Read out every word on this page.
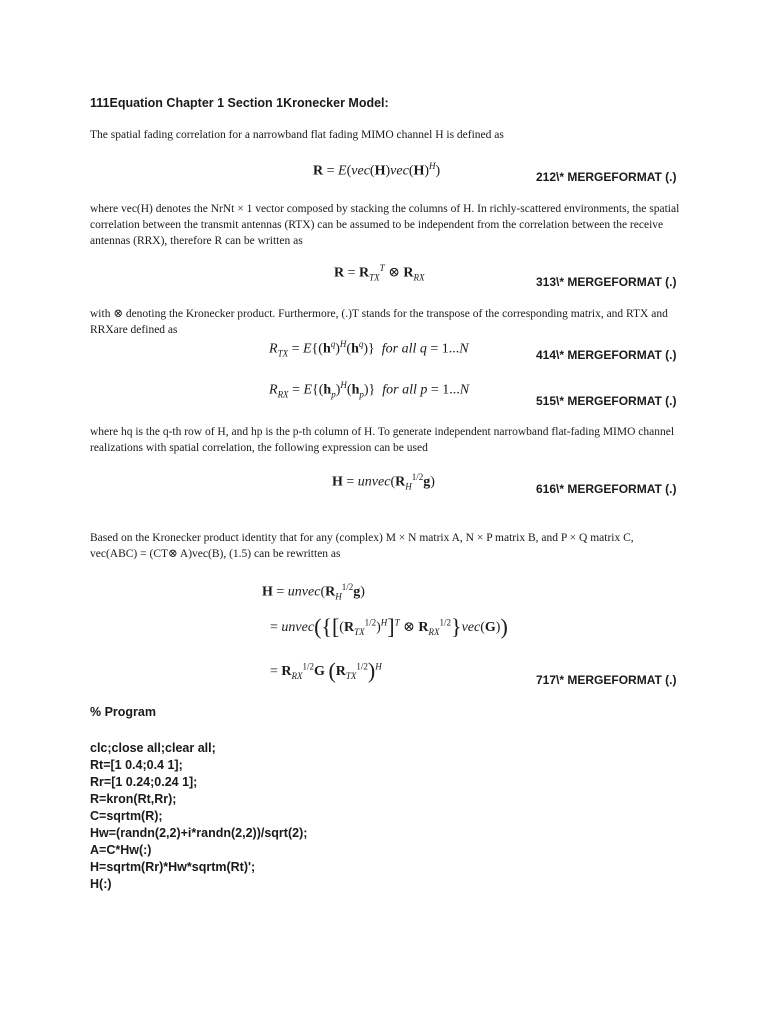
111Equation Chapter 1 Section 1Kronecker Model:
The spatial fading correlation for a narrowband flat fading MIMO channel H is defined as
$R = E(vec(H)vec(H)^H)$	212\* MERGEFORMAT (.)
where vec(H) denotes the NrNt × 1 vector composed by stacking the columns of H. In richly-scattered environments, the spatial correlation between the transmit antennas (RTX) can be assumed to be independent from the correlation between the receive antennas (RRX), therefore R can be written as
$R = R_{TX}^T$ ⊗ $R_{RX}$	313\* MERGEFORMAT (.)
with ⊗ denoting the Kronecker product. Furthermore, (.)T stands for the transpose of the corresponding matrix, and RTX and RRXare defined as
$R_{TX} = E\{(h^q)^H(h^q)\}$  for all q = 1...N	414\* MERGEFORMAT (.)
$R_{RX} = E\{(h_p)^H(h_p)\}$  for all p = 1...N
515\* MERGEFORMAT (.)
where hq is the q-th row of H, and hp is the p-th column of H. To generate independent narrowband flat-fading MIMO channel realizations with spatial correlation, the following expression can be used
$H = unvec(R_H^{1/2}g)$	616\* MERGEFORMAT (.)
Based on the Kronecker product identity that for any (complex) M × N matrix A, N × P matrix B, and P × Q matrix C, vec(ABC) = (CT⊗ A)vec(B), (1.5) can be rewritten as
$H = unvec(R_H^{1/2}g)$
= $unvec(\{[(R_{TX}^{1/2})^H]^T$ ⊗ $R_{RX}^{1/2}\}vec(G)$)
= $R_{RX}^{1/2}G$ $(R_{TX}^{1/2})^H$
717\* MERGEFORMAT (.)
% Program
clc;close all;clear all;
Rt=[1 0.4;0.4 1];
Rr=[1 0.24;0.24 1];
R=kron(Rt,Rr);
C=sqrtm(R);
Hw=(randn(2,2)+i*randn(2,2))/sqrt(2);
A=C*Hw(:)
H=sqrtm(Rr)*Hw*sqrtm(Rt)';
H(:)
